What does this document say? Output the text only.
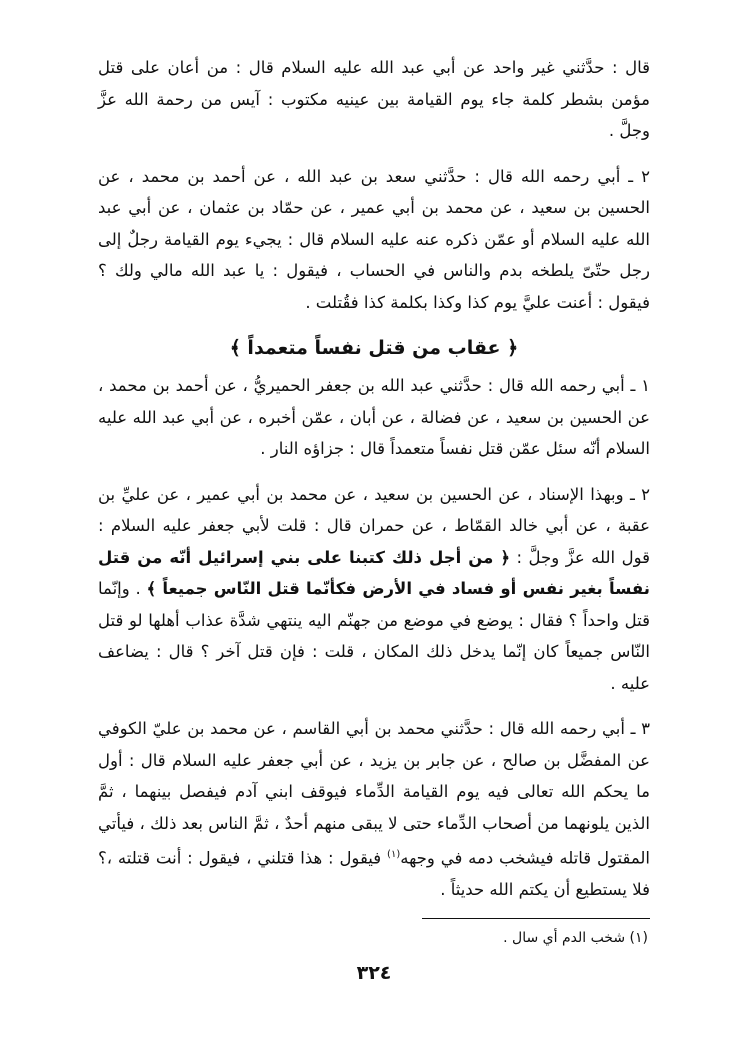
قال : حدَّثني غير واحد عن أبي عبد الله عليه السلام قال : من أعان على قتل مؤمن بشطر كلمة جاء يوم القيامة بين عينيه مكتوب : آيس من رحمة الله عزَّ وجلَّ .

٢ ـ أبي رحمه الله قال : حدَّثني سعد بن عبد الله ، عن أحمد بن محمد ، عن الحسين بن سعيد ، عن محمد بن أبي عمير ، عن حمّاد بن عثمان ، عن أبي عبد الله عليه السلام أو عمّن ذكره عنه عليه السلام قال : يجيء يوم القيامة رجلٌ إلى رجل حتّىّ يلطخه بدم والناس في الحساب ، فيقول : يا عبد الله مالي ولك ؟ فيقول : أعنت عليَّ يوم كذا وكذا بكلمة كذا فقُتلت .

﴿ عقاب من قتل نفساً متعمداً ﴾

١ ـ أبي رحمه الله قال : حدَّثني عبد الله بن جعفر الحميريُّ ، عن أحمد بن محمد ، عن الحسين بن سعيد ، عن فضالة ، عن أبان ، عمّن أخبره ، عن أبي عبد الله عليه السلام أنّه سئل عمّن قتل نفساً متعمداً قال : جزاؤه النار .

٢ ـ وبهذا الإسناد ، عن الحسين بن سعيد ، عن محمد بن أبي عمير ، عن عليِّ بن عقبة ، عن أبي خالد القمّاط ، عن حمران قال : قلت لأبي جعفر عليه السلام : قول الله عزَّ وجلَّ : ﴿ من أجل ذلك كتبنا على بني إسرائيل أنّه من قتل نفساً بغير نفس أو فساد في الأرض فكأنّما قتل النّاس جميعاً ﴾ . وإنّما قتل واحداً ؟ فقال : يوضع في موضع من جهنّم اليه ينتهي شدَّة عذاب أهلها لو قتل النّاس جميعاً كان إنّما يدخل ذلك المكان ، قلت : فإن قتل آخر ؟ قال : يضاعف عليه .

٣ ـ أبي رحمه الله قال : حدَّثني محمد بن أبي القاسم ، عن محمد بن عليّ الكوفي عن المفضَّل بن صالح ، عن جابر بن يزيد ، عن أبي جعفر عليه السلام قال : أول ما يحكم الله تعالى فيه يوم القيامة الدِّماء فيوقف ابني آدم فيفصل بينهما ، ثمَّ الذين يلونهما من أصحاب الدِّماء حتى لا يبقى منهم أحدٌ ، ثمَّ الناس بعد ذلك ، فيأتي المقتول قاتله فيشخب دمه في وجهه$^{(١)}$ فيقول : هذا قتلني ، فيقول : أنت قتلته ،؟ فلا يستطيع أن يكتم الله حديثاً .

(١) شخب الدم أي سال .
٣٢٤
